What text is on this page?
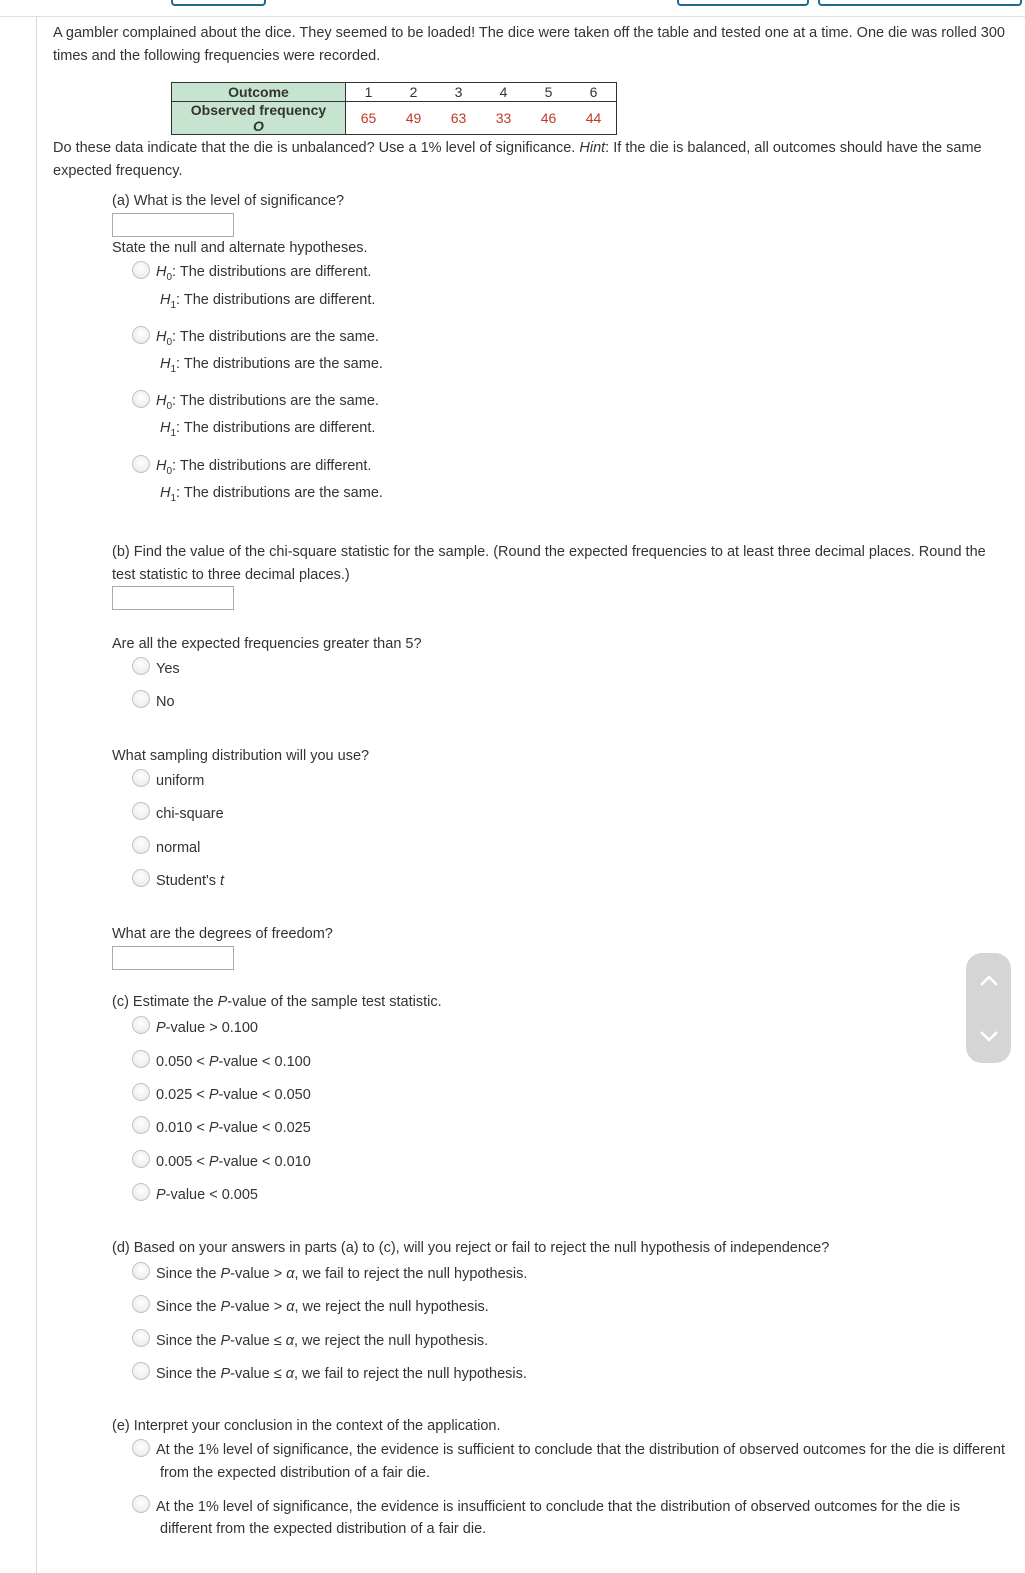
A gambler complained about the dice. They seemed to be loaded! The dice were taken off the table and tested one at a time. One die was rolled 300
times and the following frequencies were recorded.
Outcome	1	2	3	4	5	6

Observed frequency
O	65	49	63	33	46	44
Do these data indicate that the die is unbalanced? Use a 1% level of significance. Hint: If the die is balanced, all outcomes should have the same
expected frequency.
(a) What is the level of significance?
State the null and alternate hypotheses.
$H_0$: The distributions are different.
$H_1$: The distributions are different.
$H_0$: The distributions are the same.
$H_1$: The distributions are the same.
$H_0$: The distributions are the same.
$H_1$: The distributions are different.
$H_0$: The distributions are different.
$H_1$: The distributions are the same.
(b) Find the value of the chi-square statistic for the sample. (Round the expected frequencies to at least three decimal places. Round the
test statistic to three decimal places.)
Are all the expected frequencies greater than 5?
Yes
No
What sampling distribution will you use?
uniform
chi-square
normal
Student's t
What are the degrees of freedom?
(c) Estimate the P-value of the sample test statistic.
P-value > 0.100
0.050 < P-value < 0.100
0.025 < P-value < 0.050
0.010 < P-value < 0.025
0.005 < P-value < 0.010
P-value < 0.005
(d) Based on your answers in parts (a) to (c), will you reject or fail to reject the null hypothesis of independence?
Since the P-value > α, we fail to reject the null hypothesis.
Since the P-value > α, we reject the null hypothesis.
Since the P-value ≤ α, we reject the null hypothesis.
Since the P-value ≤ α, we fail to reject the null hypothesis.
(e) Interpret your conclusion in the context of the application.
At the 1% level of significance, the evidence is sufficient to conclude that the distribution of observed outcomes for the die is different
from the expected distribution of a fair die.
At the 1% level of significance, the evidence is insufficient to conclude that the distribution of observed outcomes for the die is
different from the expected distribution of a fair die.
